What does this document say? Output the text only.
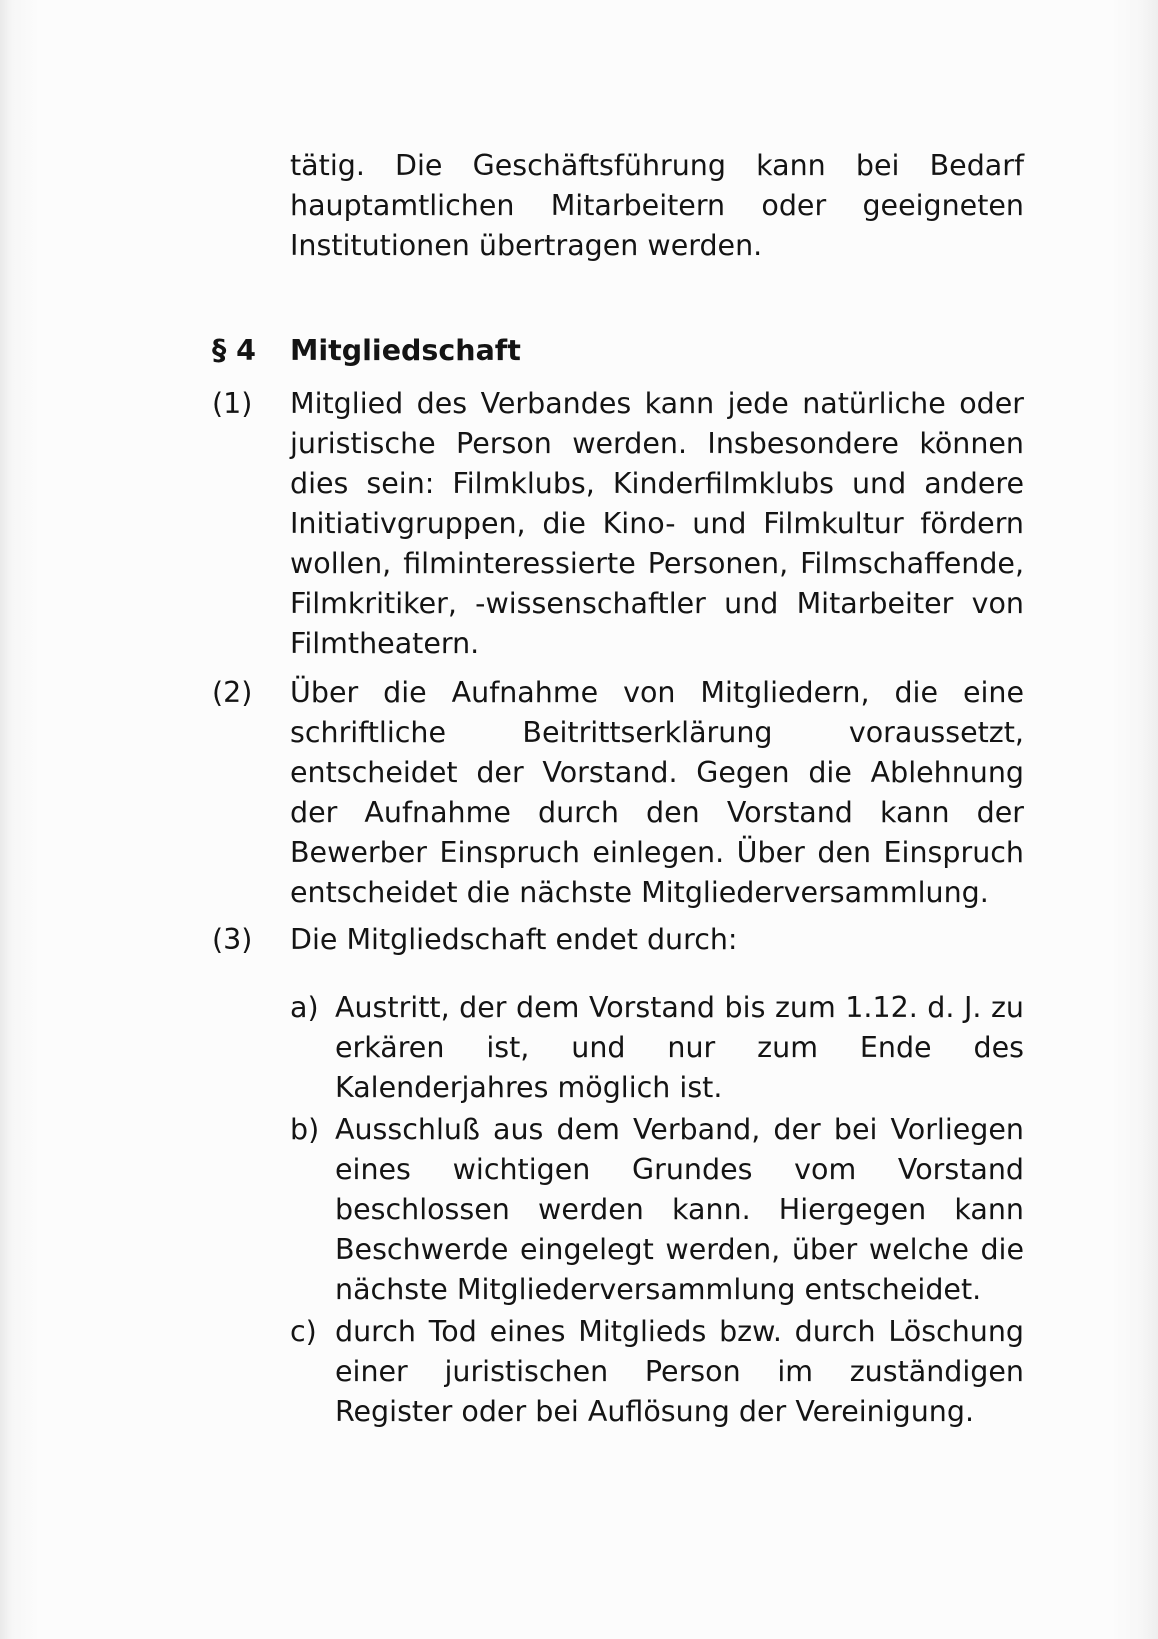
tätig. Die Geschäftsführung kann bei Bedarf hauptamtlichen Mitarbeitern oder geeigneten Institutionen übertragen werden.
§ 4 Mitgliedschaft
(1) Mitglied des Verbandes kann jede natürliche oder juristische Person werden. Insbesondere können dies sein: Filmklubs, Kinderfilmklubs und andere Initiativgruppen, die Kino- und Filmkultur fördern wollen, filminteressierte Personen, Filmschaffende, Filmkritiker, -wissenschaftler und Mitarbeiter von Filmtheatern.
(2) Über die Aufnahme von Mitgliedern, die eine schriftliche Beitrittserklärung voraussetzt, entscheidet der Vorstand. Gegen die Ablehnung der Aufnahme durch den Vorstand kann der Bewerber Einspruch einlegen. Über den Einspruch entscheidet die nächste Mitgliederversammlung.
(3) Die Mitgliedschaft endet durch:
a) Austritt, der dem Vorstand bis zum 1.12. d. J. zu erkären ist, und nur zum Ende des Kalenderjahres möglich ist.
b) Ausschluß aus dem Verband, der bei Vorliegen eines wichtigen Grundes vom Vorstand beschlossen werden kann. Hiergegen kann Beschwerde eingelegt werden, über welche die nächste Mitgliederversammlung entscheidet.
c) durch Tod eines Mitglieds bzw. durch Löschung einer juristischen Person im zuständigen Register oder bei Auflösung der Vereinigung.
